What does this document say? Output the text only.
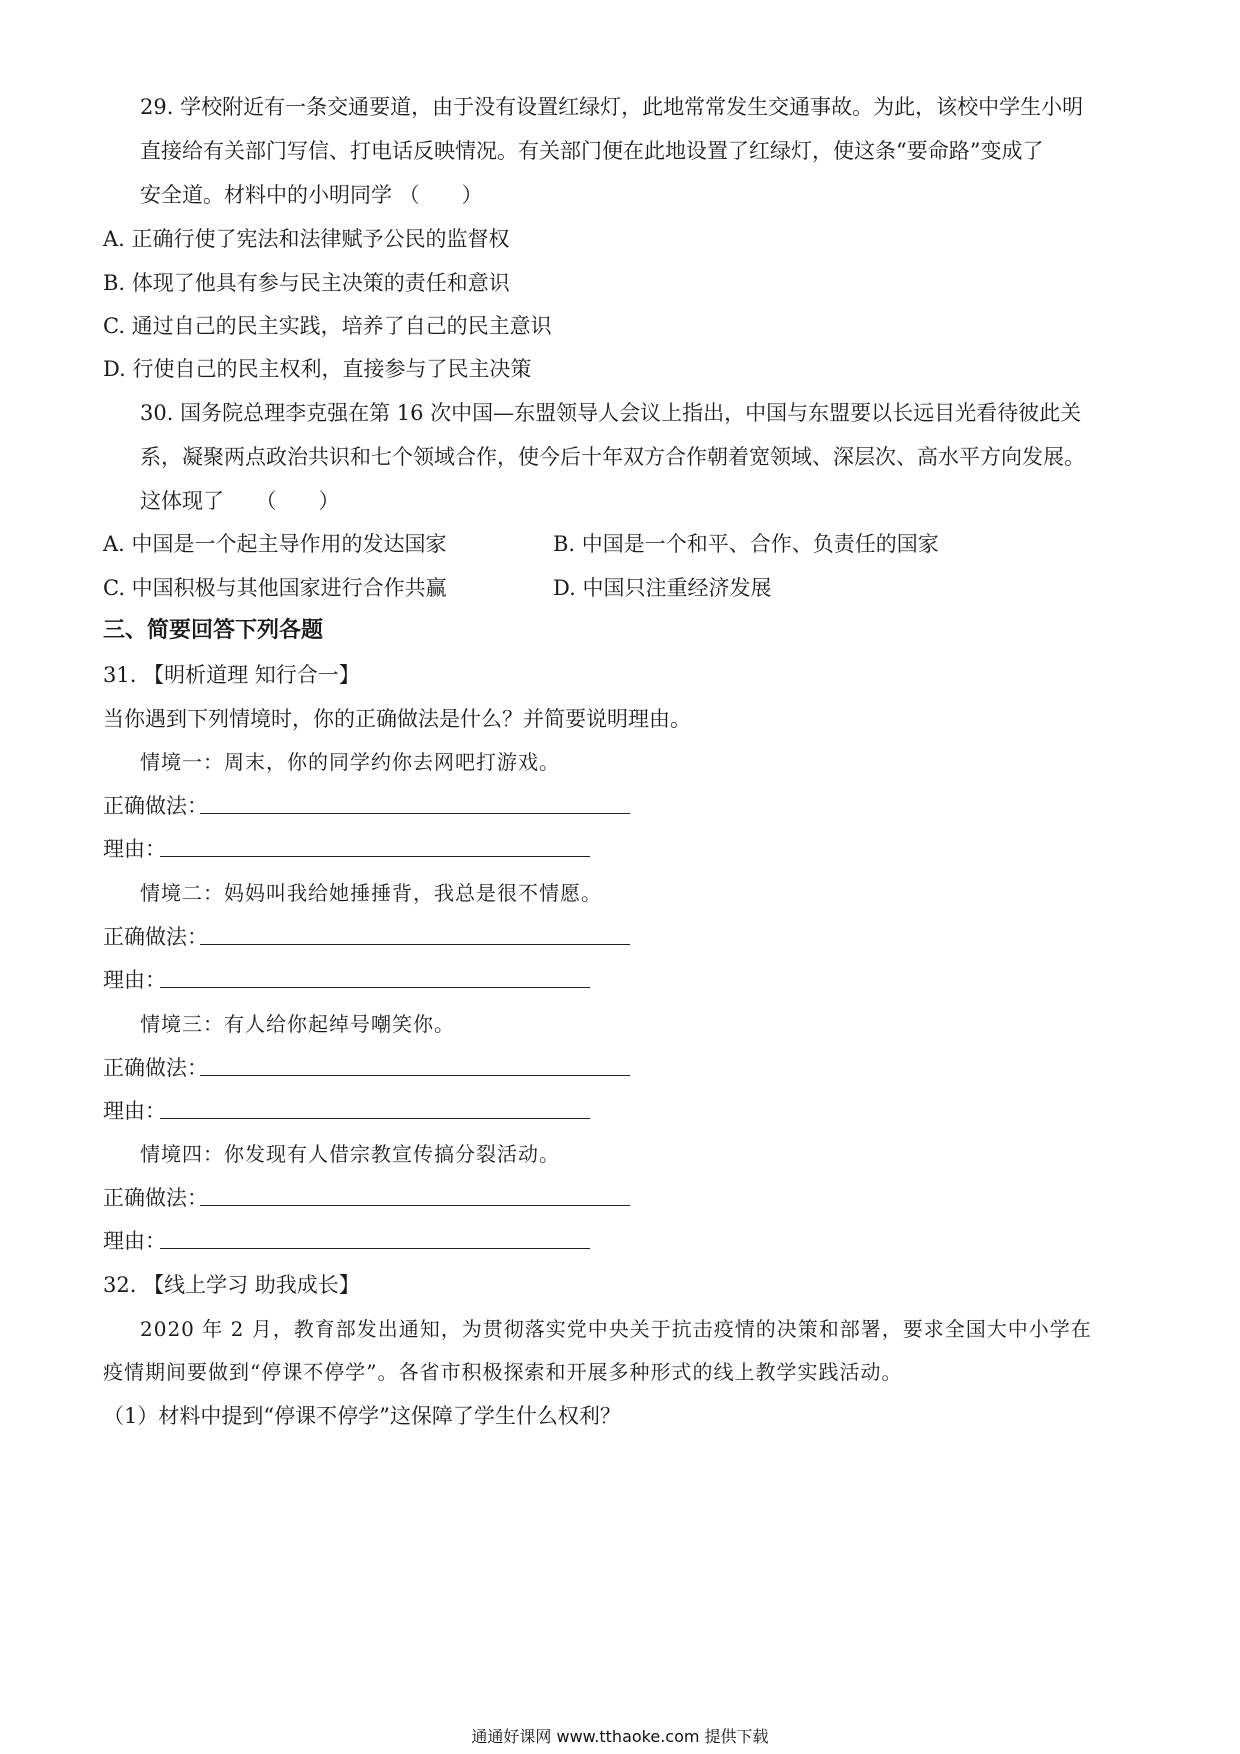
29. 学校附近有一条交通要道，由于没有设置红绿灯，此地常常发生交通事故。为此，该校中学生小明
直接给有关部门写信、打电话反映情况。有关部门便在此地设置了红绿灯，使这条“要命路”变成了
安全道。材料中的小明同学 （　　）
A. 正确行使了宪法和法律赋予公民的监督权
B. 体现了他具有参与民主决策的责任和意识
C. 通过自己的民主实践，培养了自己的民主意识
D. 行使自己的民主权利，直接参与了民主决策
30. 国务院总理李克强在第 16 次中国—东盟领导人会议上指出，中国与东盟要以长远目光看待彼此关
系，凝聚两点政治共识和七个领域合作，使今后十年双方合作朝着宽领域、深层次、高水平方向发展。
这体现了　　（　　）
A. 中国是一个起主导作用的发达国家	B. 中国是一个和平、合作、负责任的国家
C. 中国积极与其他国家进行合作共赢	D. 中国只注重经济发展
三、简要回答下列各题
31. 【明析道理 知行合一】
当你遇到下列情境时，你的正确做法是什么？并简要说明理由。
情境一：周末，你的同学约你去网吧打游戏。
正确做法：
理由：
情境二：妈妈叫我给她捶捶背，我总是很不情愿。
正确做法：
理由：
情境三：有人给你起绰号嘲笑你。
正确做法：
理由：
情境四：你发现有人借宗教宣传搞分裂活动。
正确做法：
理由：
32. 【线上学习 助我成长】
2020 年 2 月，教育部发出通知，为贯彻落实党中央关于抗击疫情的决策和部署，要求全国大中小学在
疫情期间要做到“停课不停学”。各省市积极探索和开展多种形式的线上教学实践活动。
（1）材料中提到“停课不停学”这保障了学生什么权利？
通通好课网 www.tthaoke.com 提供下载
